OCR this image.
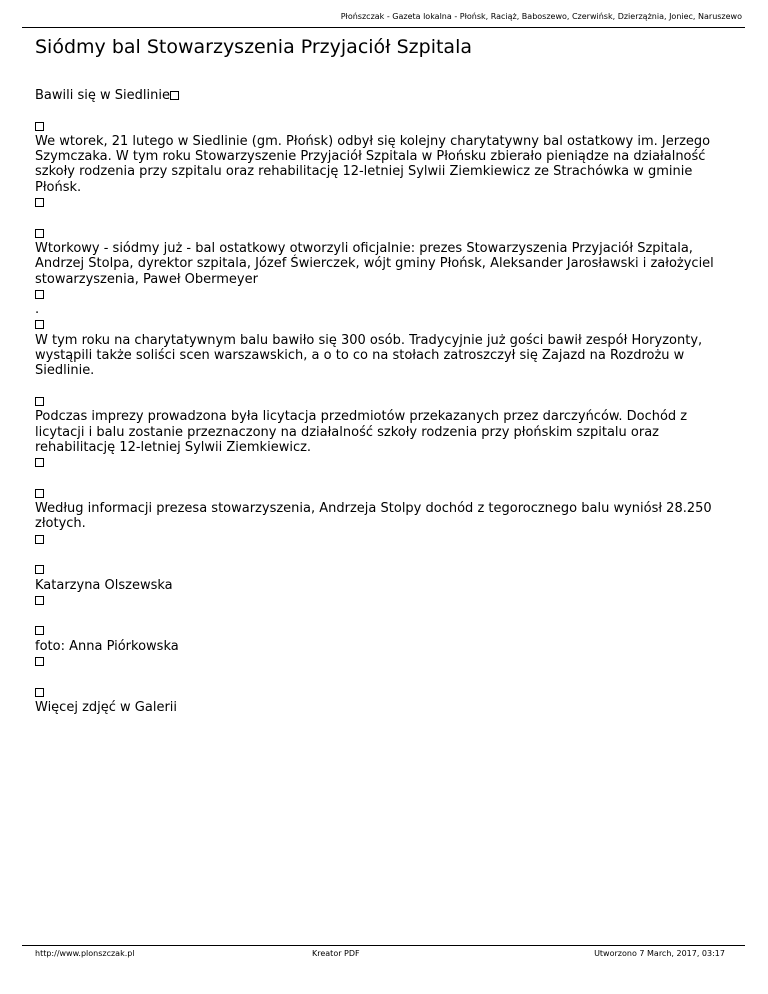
Płońszczak - Gazeta lokalna - Płońsk, Raciąż, Baboszewo, Czerwińsk, Dzierzążnia, Joniec, Naruszewo
Siódmy bal Stowarzyszenia Przyjaciół Szpitala
Bawili się w Siedlinie
We wtorek, 21 lutego w Siedlinie (gm. Płońsk) odbył się kolejny charytatywny bal ostatkowy im. Jerzego
Szymczaka. W tym roku Stowarzyszenie Przyjaciół Szpitala w Płońsku zbierało pieniądze na działalność
szkoły rodzenia przy szpitalu oraz rehabilitację 12-letniej Sylwii Ziemkiewicz ze Strachówka w gminie
Płońsk.
Wtorkowy - siódmy już - bal ostatkowy otworzyli oficjalnie: prezes Stowarzyszenia Przyjaciół Szpitala,
Andrzej Stolpa, dyrektor szpitala, Józef Świerczek, wójt gminy Płońsk, Aleksander Jarosławski i założyciel
stowarzyszenia, Paweł Obermeyer
.
W tym roku na charytatywnym balu bawiło się 300 osób. Tradycyjnie już gości bawił zespół Horyzonty,
wystąpili także soliści scen warszawskich, a o to co na stołach zatroszczył się Zajazd na Rozdrożu w
Siedlinie.
Podczas imprezy prowadzona była licytacja przedmiotów przekazanych przez darczyńców. Dochód z
licytacji i balu zostanie przeznaczony na działalność szkoły rodzenia przy płońskim szpitalu oraz
rehabilitację 12-letniej Sylwii Ziemkiewicz.
Według informacji prezesa stowarzyszenia, Andrzeja Stolpy dochód z tegorocznego balu wyniósł 28.250
złotych.
Katarzyna Olszewska
foto: Anna Piórkowska
Więcej zdjęć w Galerii
http://www.plonszczak.pl	Kreator PDF	Utworzono 7 March, 2017, 03:17
